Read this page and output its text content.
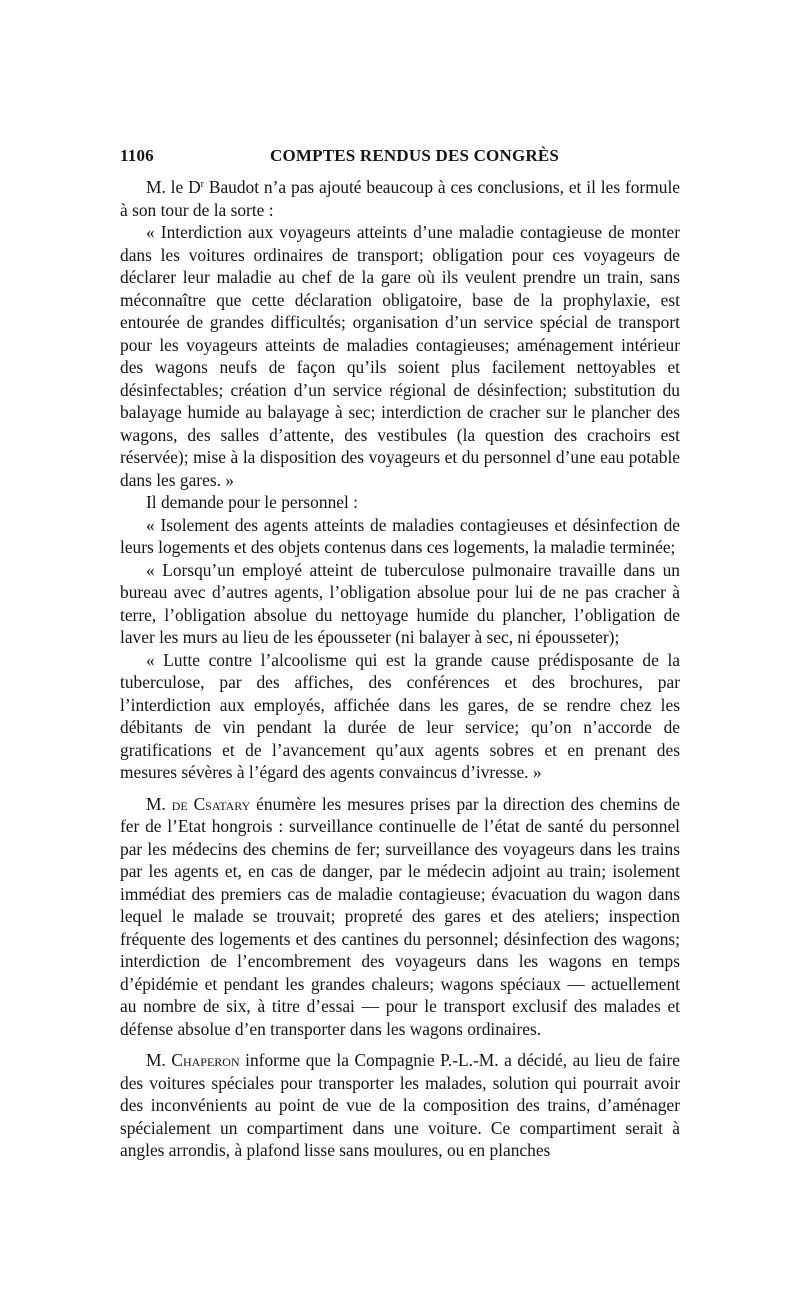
1106	COMPTES RENDUS DES CONGRÈS

M. le $D^r$ Baudot n’a pas ajouté beaucoup à ces conclusions, et il les formule à son tour de la sorte :

« Interdiction aux voyageurs atteints d’une maladie contagieuse de monter dans les voitures ordinaires de transport; obligation pour ces voyageurs de déclarer leur maladie au chef de la gare où ils veulent prendre un train, sans méconnaître que cette déclaration obligatoire, base de la prophylaxie, est entourée de grandes difficultés; organisation d’un service spécial de transport pour les voyageurs atteints de maladies contagieuses; aménagement intérieur des wagons neufs de façon qu’ils soient plus facilement nettoyables et désinfectables; création d’un service régional de désinfection; substitution du balayage humide au balayage à sec; interdiction de cracher sur le plancher des wagons, des salles d’attente, des vestibules (la question des crachoirs est réservée); mise à la disposition des voyageurs et du personnel d’une eau potable dans les gares. »

Il demande pour le personnel :

« Isolement des agents atteints de maladies contagieuses et désinfection de leurs logements et des objets contenus dans ces logements, la maladie terminée;

« Lorsqu’un employé atteint de tuberculose pulmonaire travaille dans un bureau avec d’autres agents, l’obligation absolue pour lui de ne pas cracher à terre, l’obligation absolue du nettoyage humide du plancher, l’obligation de laver les murs au lieu de les épousseter (ni balayer à sec, ni épousseter);

« Lutte contre l’alcoolisme qui est la grande cause prédisposante de la tuberculose, par des affiches, des conférences et des brochures, par l’interdiction aux employés, affichée dans les gares, de se rendre chez les débitants de vin pendant la durée de leur service; qu’on n’accorde de gratifications et de l’avancement qu’aux agents sobres et en prenant des mesures sévères à l’égard des agents convaincus d’ivresse. »

M. de Csatary énumère les mesures prises par la direction des chemins de fer de l’Etat hongrois : surveillance continuelle de l’état de santé du personnel par les médecins des chemins de fer; surveillance des voyageurs dans les trains par les agents et, en cas de danger, par le médecin adjoint au train; isolement immédiat des premiers cas de maladie contagieuse; évacuation du wagon dans lequel le malade se trouvait; propreté des gares et des ateliers; inspection fréquente des logements et des cantines du personnel; désinfection des wagons; interdiction de l’encombrement des voyageurs dans les wagons en temps d’épidémie et pendant les grandes chaleurs; wagons spéciaux — actuellement au nombre de six, à titre d’essai — pour le transport exclusif des malades et défense absolue d’en transporter dans les wagons ordinaires.

M. Chaperon informe que la Compagnie P.-L.-M. a décidé, au lieu de faire des voitures spéciales pour transporter les malades, solution qui pourrait avoir des inconvénients au point de vue de la composition des trains, d’aménager spécialement un compartiment dans une voiture. Ce compartiment serait à angles arrondis, à plafond lisse sans moulures, ou en planches
